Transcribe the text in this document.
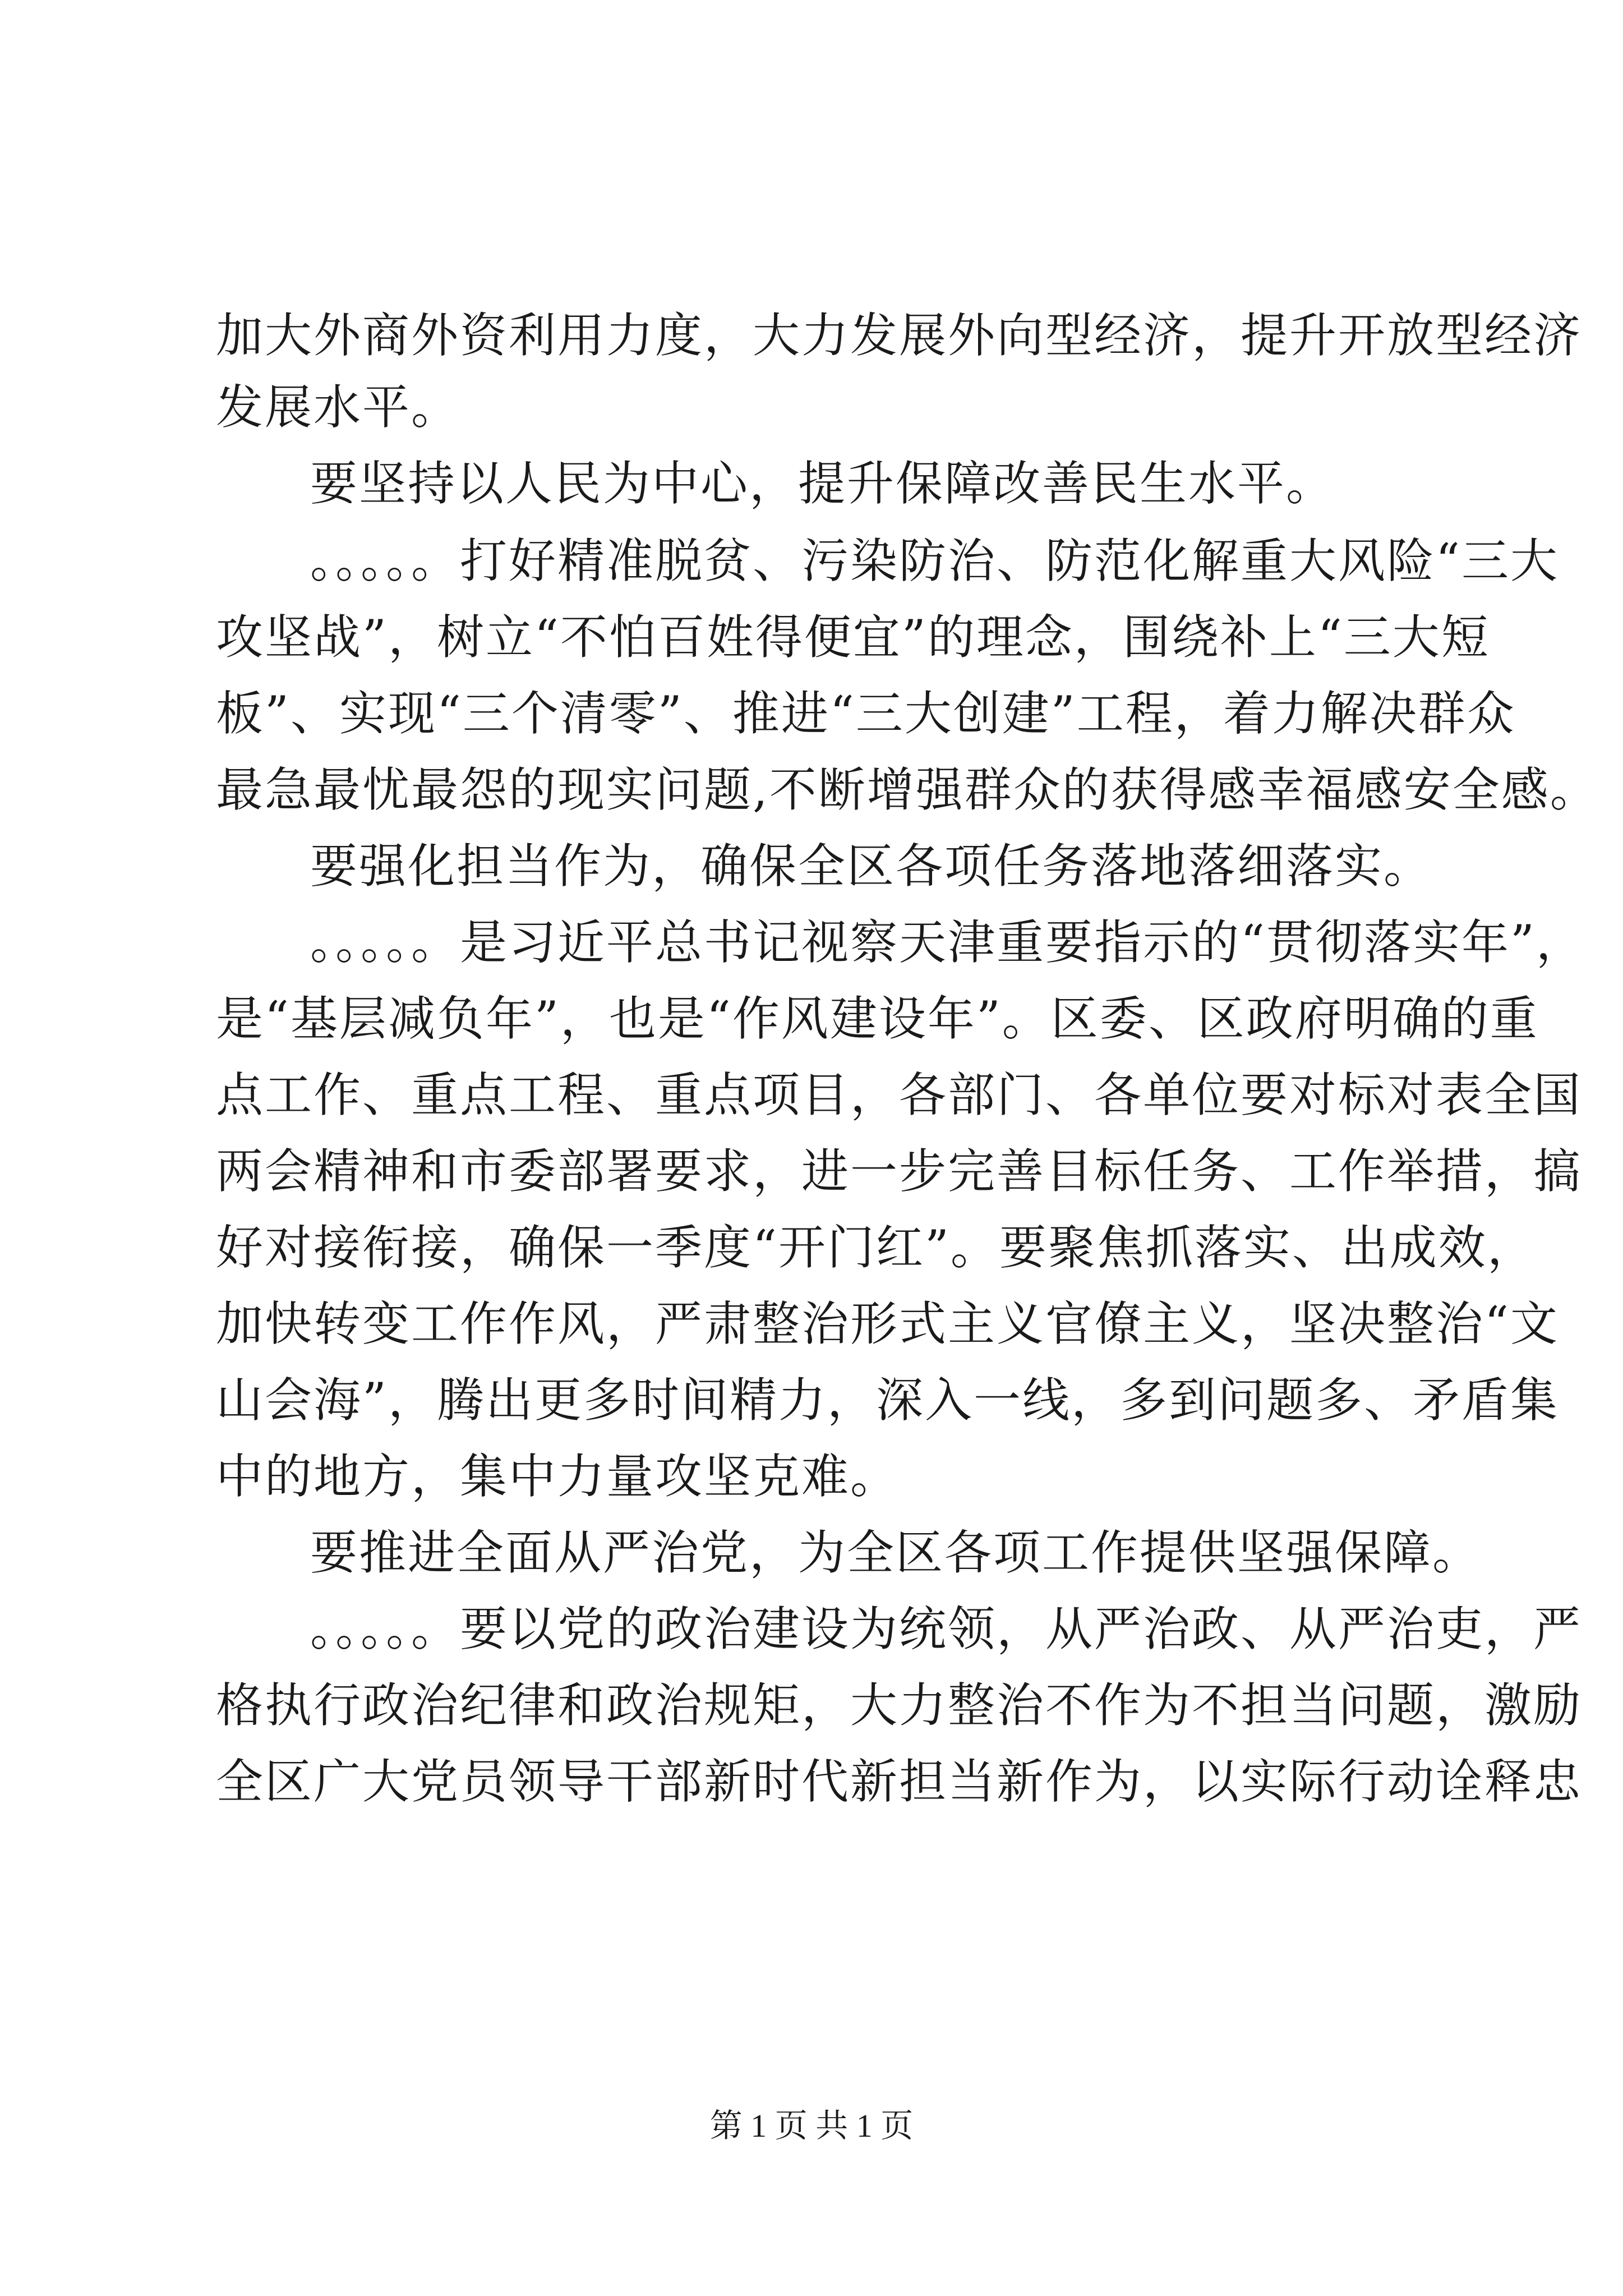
加大外商外资利用力度，大力发展外向型经济，提升开放型经济
发展水平。
要坚持以人民为中心，提升保障改善民生水平。
。。。。。打好精准脱贫、污染防治、防范化解重大风险“三大
攻坚战”，树立“不怕百姓得便宜”的理念，围绕补上“三大短
板”、实现“三个清零”、推进“三大创建”工程，着力解决群众
最急最忧最怨的现实问题,不断增强群众的获得感幸福感安全感。
要强化担当作为，确保全区各项任务落地落细落实。
。。。。。是习近平总书记视察天津重要指示的“贯彻落实年”，
是“基层减负年”，也是“作风建设年”。区委、区政府明确的重
点工作、重点工程、重点项目，各部门、各单位要对标对表全国
两会精神和市委部署要求，进一步完善目标任务、工作举措，搞
好对接衔接，确保一季度“开门红”。要聚焦抓落实、出成效，
加快转变工作作风，严肃整治形式主义官僚主义，坚决整治“文
山会海”，腾出更多时间精力，深入一线，多到问题多、矛盾集
中的地方，集中力量攻坚克难。
要推进全面从严治党，为全区各项工作提供坚强保障。
。。。。。要以党的政治建设为统领，从严治政、从严治吏，严
格执行政治纪律和政治规矩，大力整治不作为不担当问题，激励
全区广大党员领导干部新时代新担当新作为，以实际行动诠释忠
第 1 页 共 1 页
